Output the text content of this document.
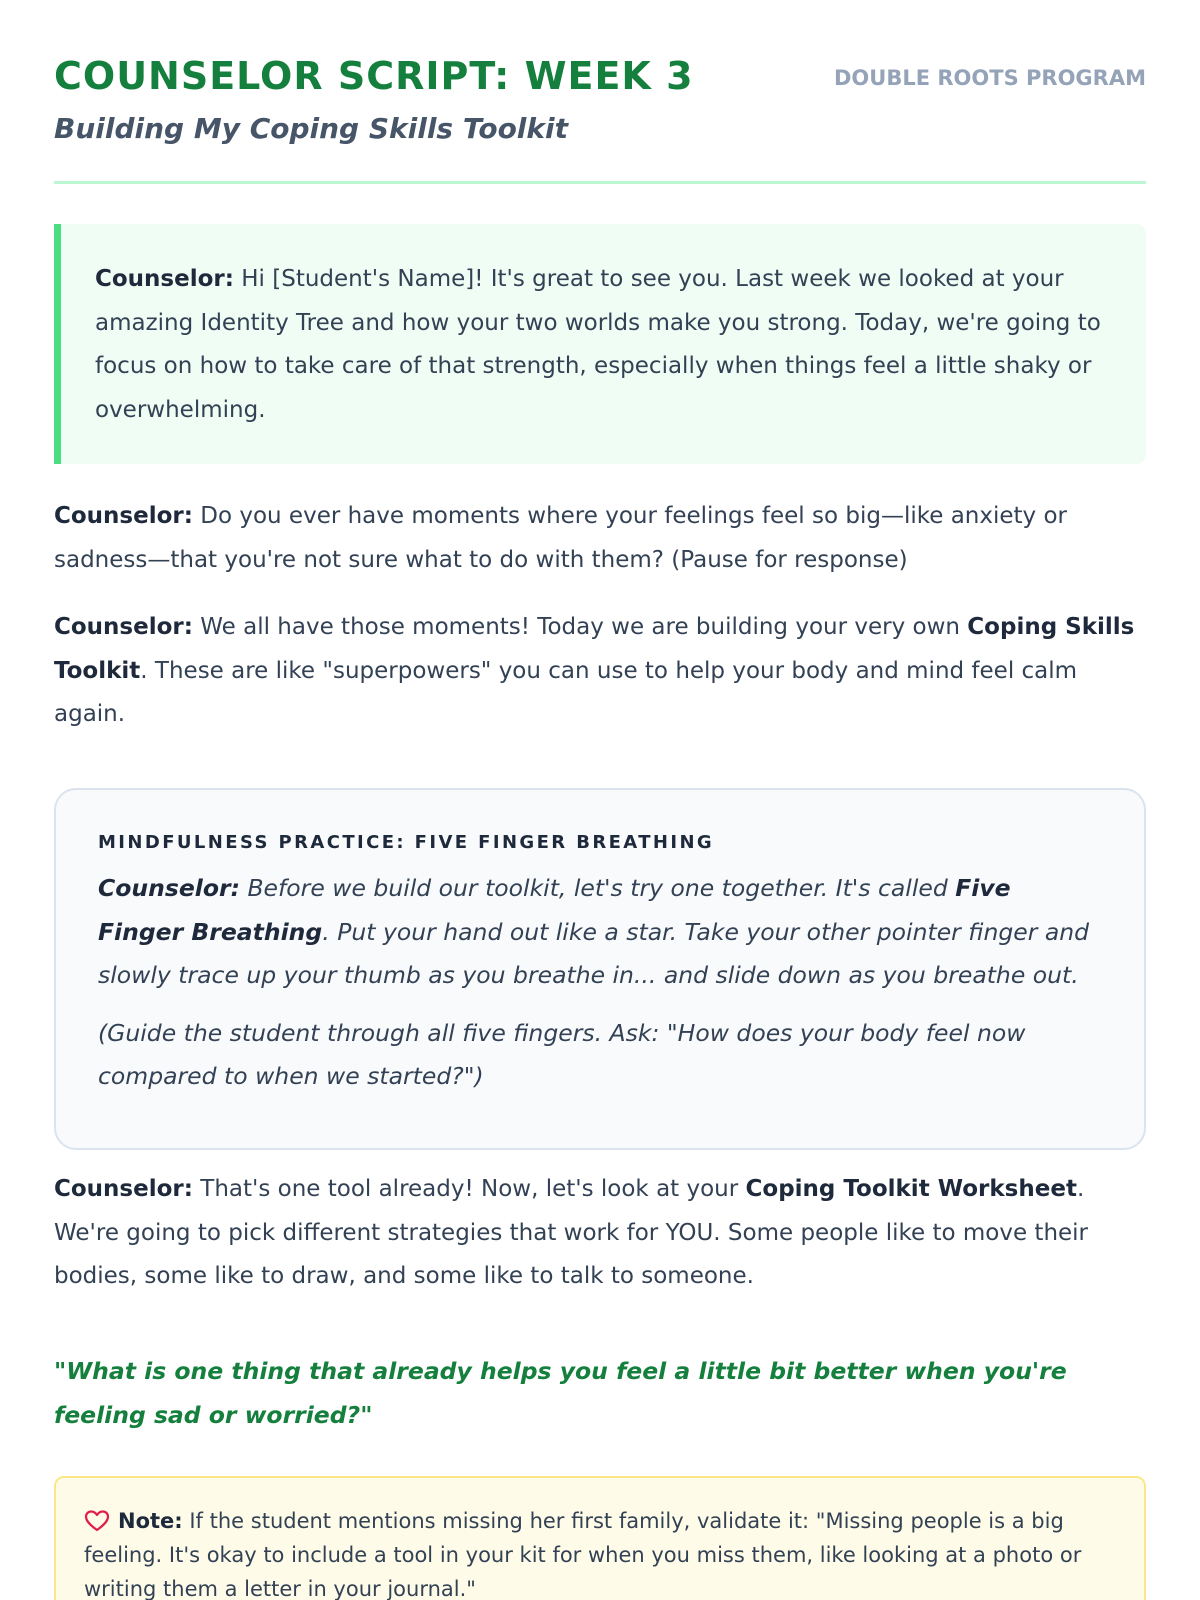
COUNSELOR SCRIPT: WEEK 3	DOUBLE ROOTS PROGRAM
Building My Coping Skills Toolkit

Counselor: Hi [Student's Name]! It's great to see you. Last week we looked at your amazing Identity Tree and how your two worlds make you strong. Today, we're going to focus on how to take care of that strength, especially when things feel a little shaky or overwhelming.

Counselor: Do you ever have moments where your feelings feel so big—like anxiety or sadness—that you're not sure what to do with them? (Pause for response)

Counselor: We all have those moments! Today we are building your very own Coping Skills Toolkit. These are like "superpowers" you can use to help your body and mind feel calm again.

MINDFULNESS PRACTICE: FIVE FINGER BREATHING

Counselor: Before we build our toolkit, let's try one together. It's called Five Finger Breathing. Put your hand out like a star. Take your other pointer finger and slowly trace up your thumb as you breathe in... and slide down as you breathe out.

(Guide the student through all five fingers. Ask: "How does your body feel now compared to when we started?")

Counselor: That's one tool already! Now, let's look at your Coping Toolkit Worksheet. We're going to pick different strategies that work for YOU. Some people like to move their bodies, some like to draw, and some like to talk to someone.

"What is one thing that already helps you feel a little bit better when you're feeling sad or worried?"

Note: If the student mentions missing her first family, validate it: "Missing people is a big feeling. It's okay to include a tool in your kit for when you miss them, like looking at a photo or writing them a letter in your journal."
